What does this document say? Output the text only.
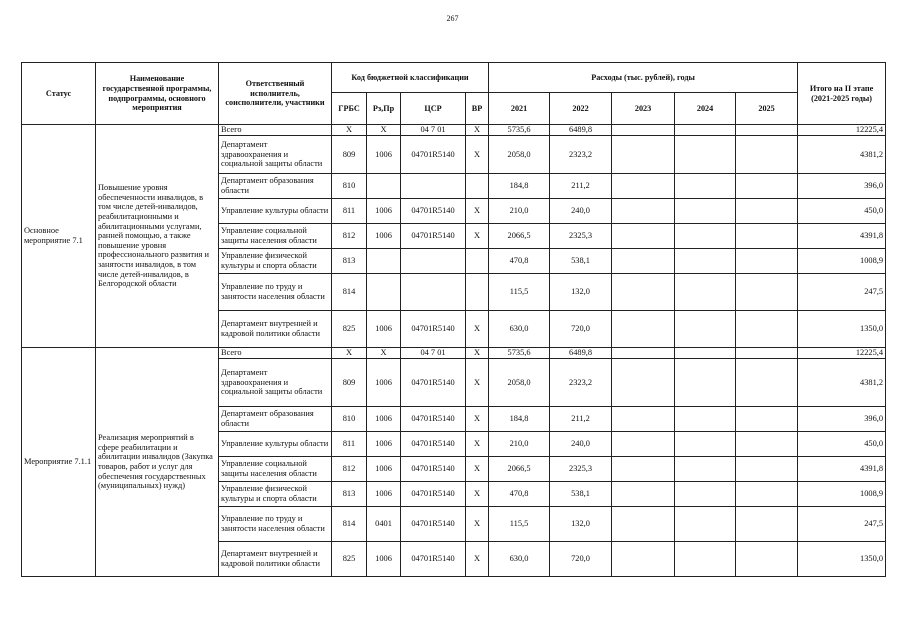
267
Статус	Наименование государственной программы, подпрограммы, основного мероприятия	Ответственный исполнитель, соисполнители, участники	Код бюджетной классификации				Расходы (тыс. рублей), годы					Итого на II этапе (2021-2025 годы)
			ГРБС	Рз,Пр	ЦСР	ВР	2021	2022	2023	2024	2025	
Основное мероприятие 7.1	Повышение уровня обеспеченности инвалидов, в том числе детей-инвалидов, реабилитационными и абилитационными услугами, ранней помощью, а также повышение уровня профессионального развития и занятости инвалидов, в том числе детей-инвалидов, в Белгородской области	Всего	X	X	04 7 01	X	5735,6	6489,8				12225,4
		Департамент здравоохранения и социальной защиты области	809	1006	04701R5140	X	2058,0	2323,2				4381,2
		Департамент образования области	810				184,8	211,2				396,0
		Управление культуры области	811	1006	04701R5140	X	210,0	240,0				450,0
		Управление социальной защиты населения области	812	1006	04701R5140	X	2066,5	2325,3				4391,8
		Управление физической культуры и спорта области	813				470,8	538,1				1008,9
		Управление по труду и занятости населения области	814				115,5	132,0				247,5
		Департамент внутренней и кадровой политики области	825	1006	04701R5140	X	630,0	720,0				1350,0
Мероприятие 7.1.1	Реализация мероприятий в сфере реабилитации и абилитации инвалидов (Закупка товаров, работ и услуг для обеспечения государственных (муниципальных) нужд)	Всего	X	X	04 7 01	X	5735,6	6489,8				12225,4
		Департамент здравоохранения и социальной защиты области	809	1006	04701R5140	X	2058,0	2323,2				4381,2
		Департамент образования области	810	1006	04701R5140	X	184,8	211,2				396,0
		Управление культуры области	811	1006	04701R5140	X	210,0	240,0				450,0
		Управление социальной защиты населения области	812	1006	04701R5140	X	2066,5	2325,3				4391,8
		Управление физической культуры и спорта области	813	1006	04701R5140	X	470,8	538,1				1008,9
		Управление по труду и занятости населения области	814	0401	04701R5140	X	115,5	132,0				247,5
		Департамент внутренней и кадровой политики области	825	1006	04701R5140	X	630,0	720,0				1350,0
